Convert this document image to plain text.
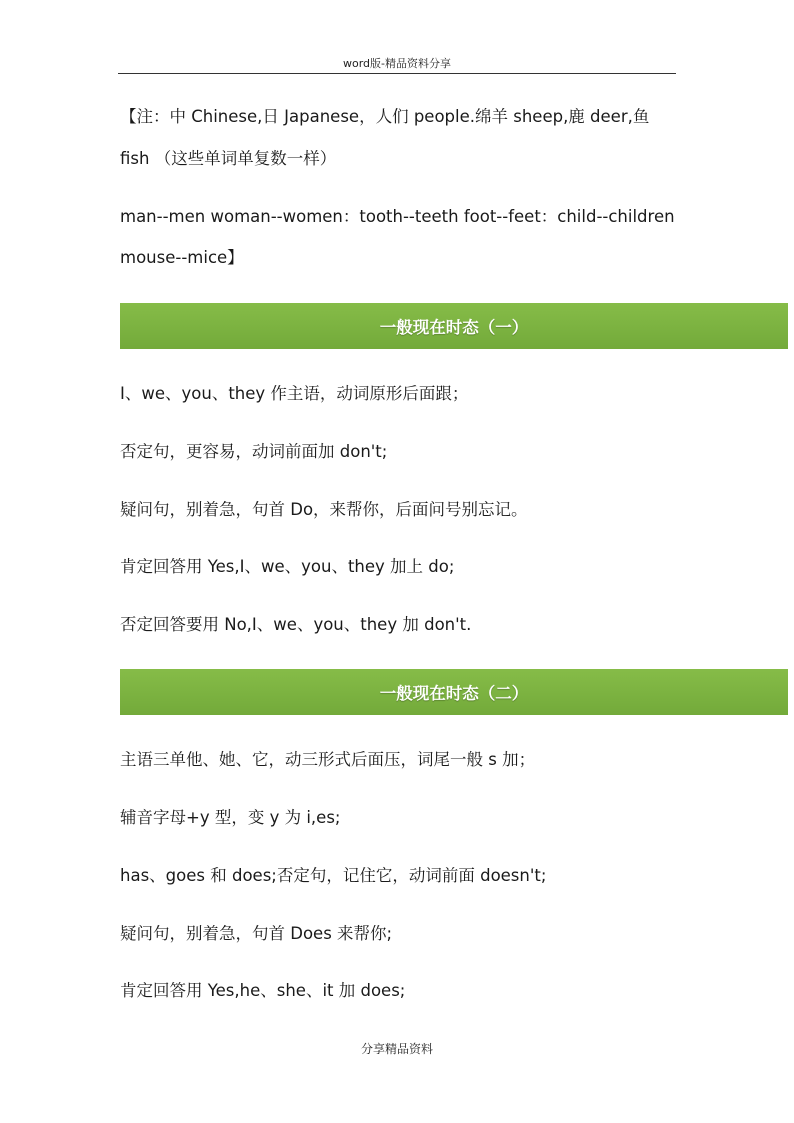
word版-精品资料分享
【注：中 Chinese,日 Japanese，人们 people.绵羊 sheep,鹿 deer,鱼
fish （这些单词单复数一样）
man--men woman--women：tooth--teeth foot--feet：child--children
mouse--mice】
一般现在时态（一）
I、we、you、they 作主语，动词原形后面跟；
否定句，更容易，动词前面加 don't;
疑问句，别着急，句首 Do，来帮你，后面问号别忘记。
肯定回答用 Yes,I、we、you、they 加上 do;
否定回答要用 No,I、we、you、they 加 don't.
一般现在时态（二）
主语三单他、她、它，动三形式后面压，词尾一般 s 加；
辅音字母+y 型，变 y 为 i,es;
has、goes 和 does;否定句，记住它，动词前面 doesn't;
疑问句，别着急，句首 Does 来帮你;
肯定回答用 Yes,he、she、it 加 does;
分享精品资料
